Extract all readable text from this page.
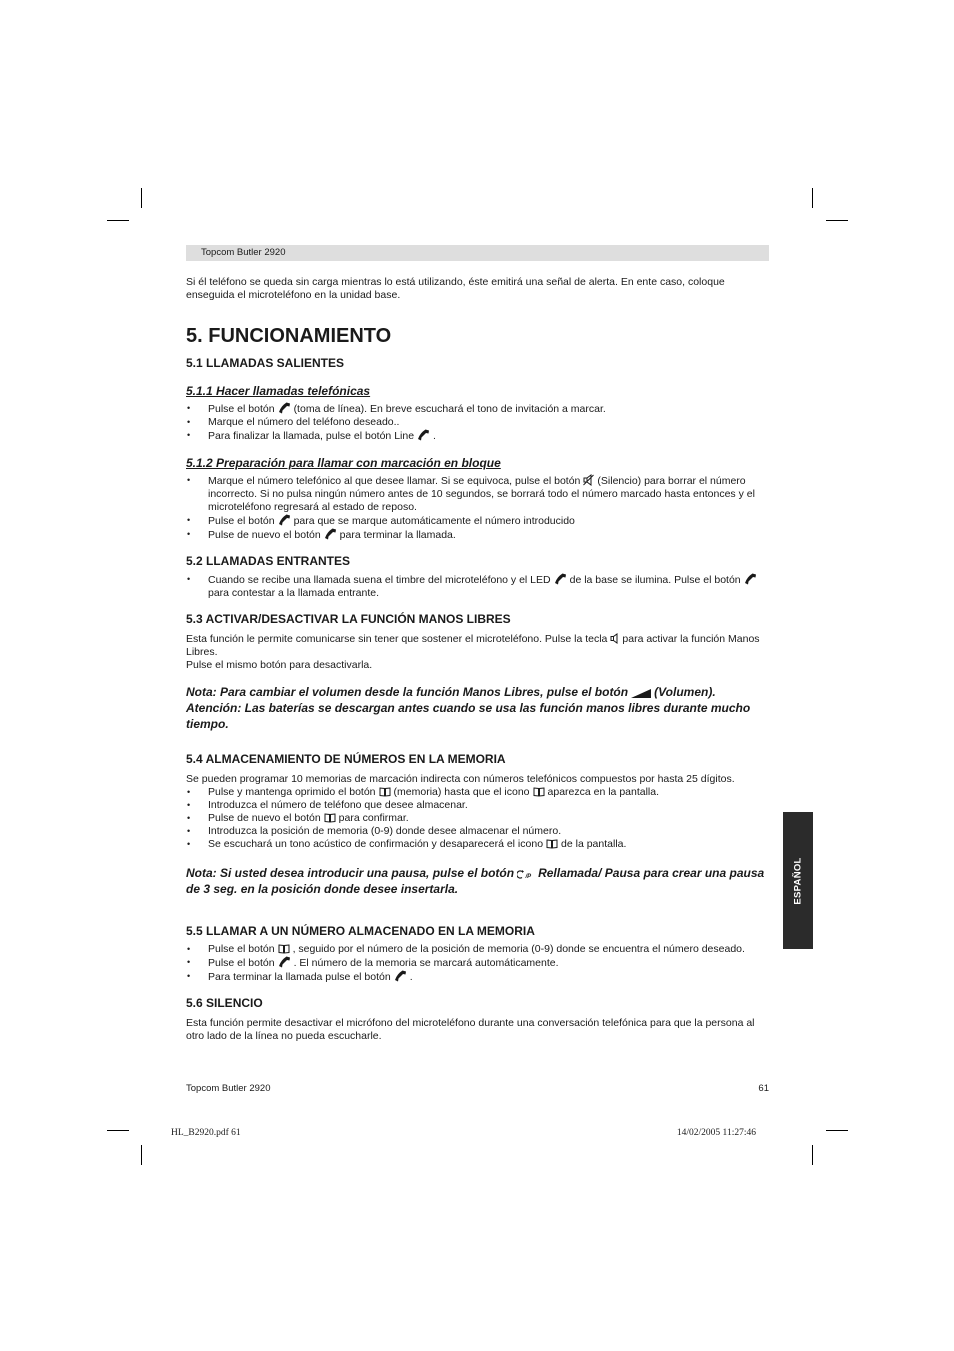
Topcom Butler 2920

Si él teléfono se queda sin carga mientras lo está utilizando, éste emitirá una señal de alerta. En ente caso, coloque enseguida el microteléfono en la unidad base.

5. FUNCIONAMIENTO
5.1 LLAMADAS SALIENTES
5.1.1 Hacer llamadas telefónicas
• Pulse el botón (toma de línea). En breve escuchará el tono de invitación a marcar.
• Marque el número del teléfono deseado..
• Para finalizar la llamada, pulse el botón Line .
5.1.2 Preparación para llamar con marcación en bloque
• Marque el número telefónico al que desee llamar. Si se equivoca, pulse el botón (Silencio) para borrar el número incorrecto. Si no pulsa ningún número antes de 10 segundos, se borrará todo el número marcado hasta entonces y el microteléfono regresará al estado de reposo.
• Pulse el botón para que se marque automáticamente el número introducido
• Pulse de nuevo el botón para terminar la llamada.
5.2 LLAMADAS ENTRANTES
• Cuando se recibe una llamada suena el timbre del microteléfono y el LED de la base se ilumina. Pulse el botónpara contestar a la llamada entrante.
5.3 ACTIVAR/DESACTIVAR LA FUNCIÓN MANOS LIBRES

Esta función le permite comunicarse sin tener que sostener el microteléfono. Pulse la tecla para activar la función Manos Libres.

Pulse el mismo botón para desactivarla.

Nota: Para cambiar el volumen desde la función Manos Libres, pulse el botón (Volumen).
Atención: Las baterías se descargan antes cuando se usa las función manos libres durante mucho tiempo.

5.4 ALMACENAMIENTO DE NÚMEROS EN LA MEMORIA

Se pueden programar 10 memorias de marcación indirecta con números telefónicos compuestos por hasta 25 dígitos.

• Pulse y mantenga oprimido el botón (memoria) hasta que el icono aparezca en la pantalla.
• Introduzca el número de teléfono que desee almacenar.
• Pulse de nuevo el botón para confirmar.
• Introduzca la posición de memoria (0-9) donde desee almacenar el número.
• Se escuchará un tono acústico de confirmación y desaparecerá el icono de la pantalla.

Nota: Si usted desea introducir una pausa, pulse el botón /P Rellamada/ Pausa para crear una pausa de 3 seg. en la posición donde desee insertarla.

5.5 LLAMAR A UN NÚMERO ALMACENADO EN LA MEMORIA
• Pulse el botón , seguido por el número de la posición de memoria (0-9) donde se encuentra el número deseado.
• Pulse el botón . El número de la memoria se marcará automáticamente.
• Para terminar la llamada pulse el botón .
5.6 SILENCIO

Esta función permite desactivar el micrófono del microteléfono durante una conversación telefónica para que la persona al otro lado de la línea no pueda escucharle.

ESPAÑOL
Topcom Butler 2920	61
HL_B2920.pdf 61	14/02/2005 11:27:46
